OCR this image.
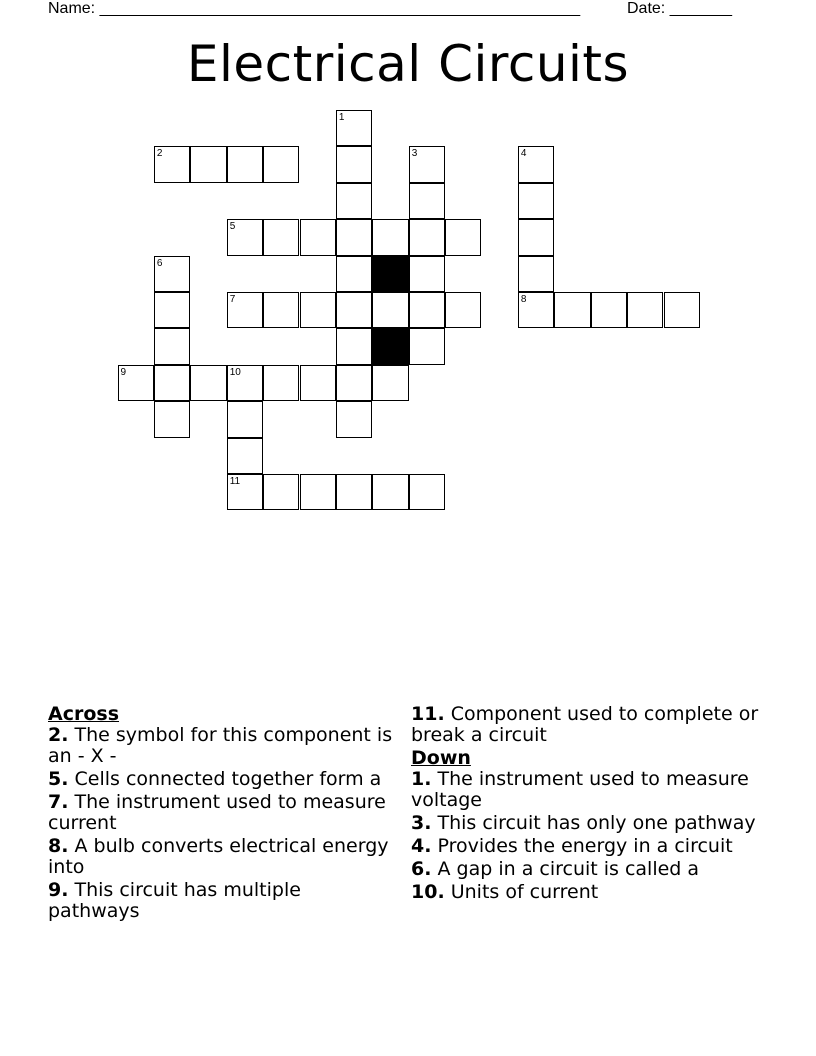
Name: ______________________________________________________	Date: _______
Electrical Circuits
1
2	3	4
5
6
7	8
9	10
11
Across
2. The symbol for this component is an - X -
5. Cells connected together form a
7. The instrument used to measure current
8. A bulb converts electrical energy into
9. This circuit has multiple pathways
11. Component used to complete or break a circuit
Down
1. The instrument used to measure voltage
3. This circuit has only one pathway
4. Provides the energy in a circuit
6. A gap in a circuit is called a
10. Units of current
